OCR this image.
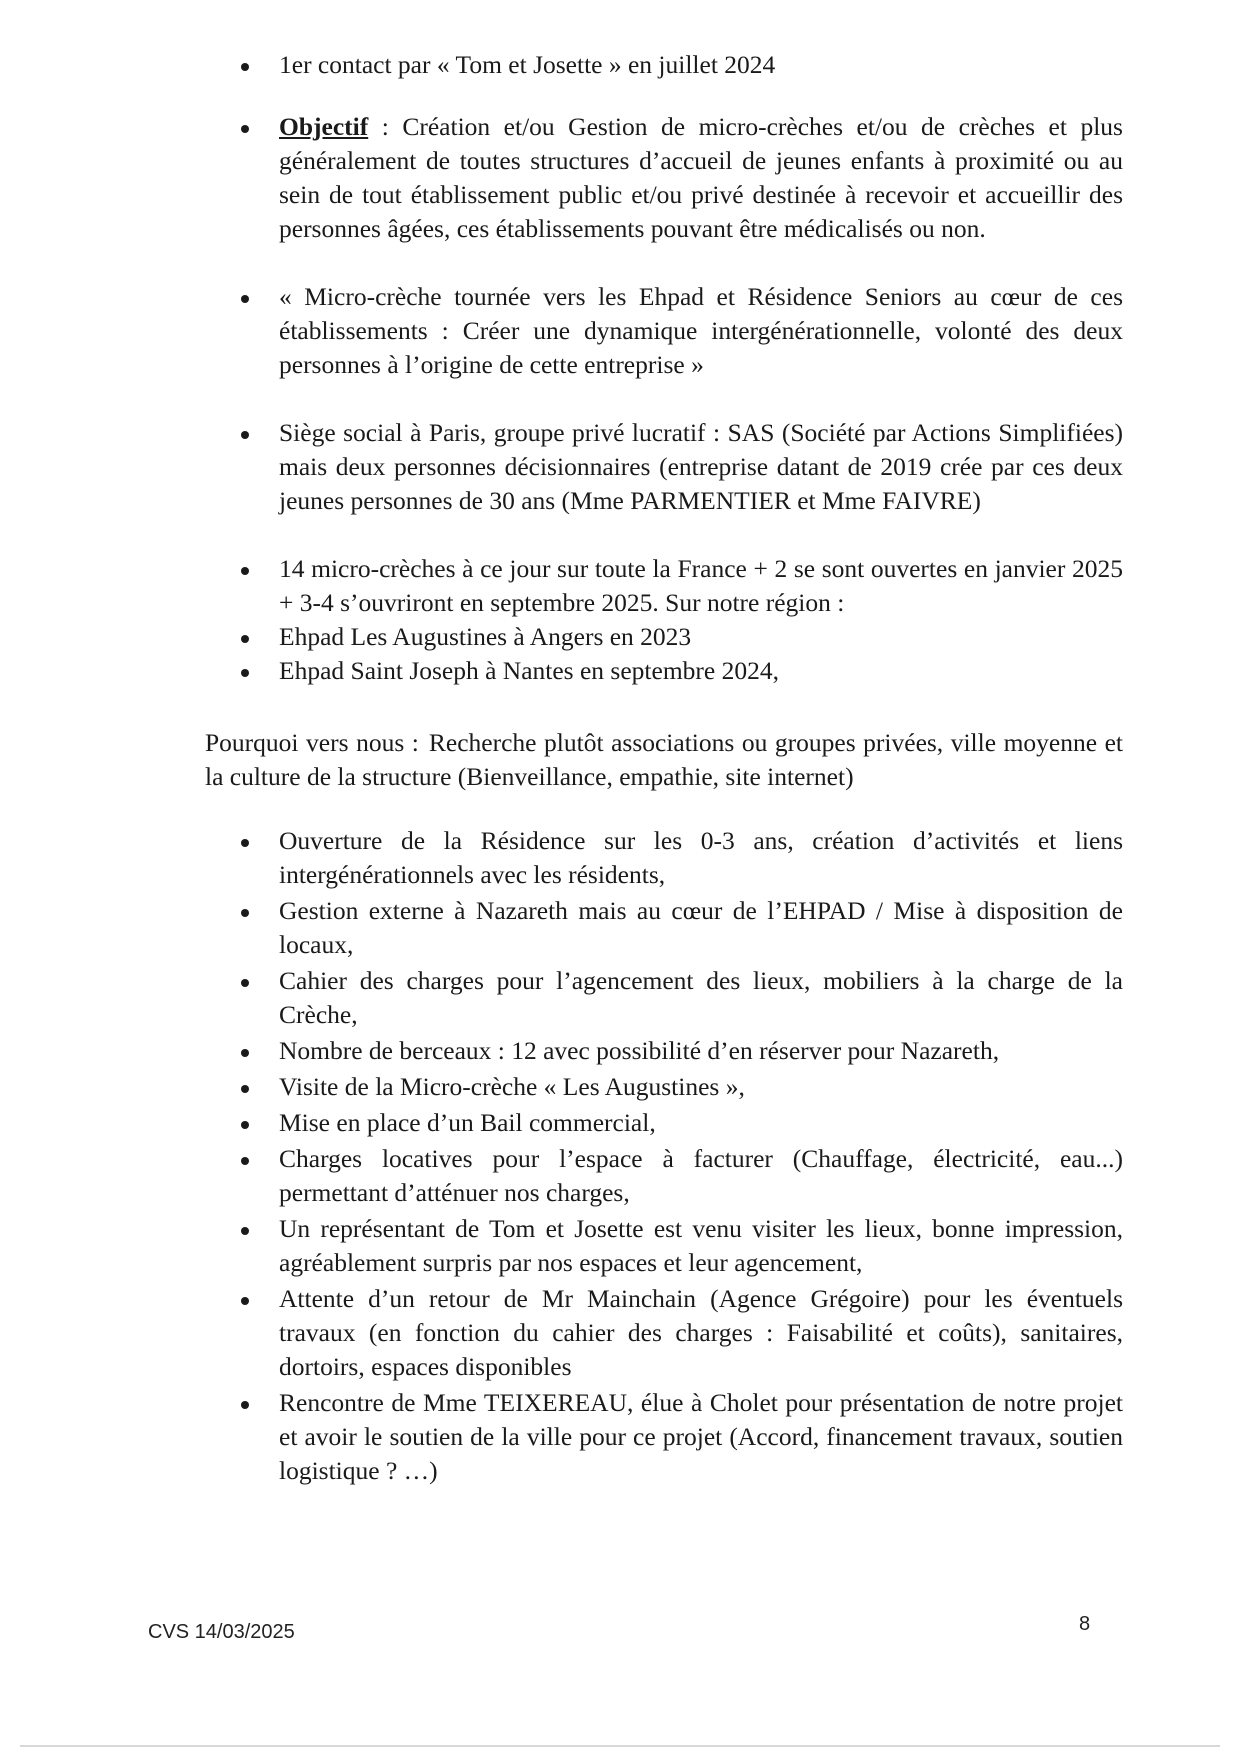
1er contact par « Tom et Josette » en juillet 2024
Objectif : Création et/ou Gestion de micro-crèches et/ou de crèches et plus généralement de toutes structures d’accueil de jeunes enfants à proximité ou au sein de tout établissement public et/ou privé destinée à recevoir et accueillir des personnes âgées, ces établissements pouvant être médicalisés ou non.
« Micro-crèche tournée vers les Ehpad et Résidence Seniors au cœur de ces établissements : Créer une dynamique intergénérationnelle, volonté des deux personnes à l’origine de cette entreprise »
Siège social à Paris, groupe privé lucratif : SAS (Société par Actions Simplifiées) mais deux personnes décisionnaires (entreprise datant de 2019 crée par ces deux jeunes personnes de 30 ans (Mme PARMENTIER et Mme FAIVRE)
14 micro-crèches à ce jour sur toute la France + 2 se sont ouvertes en janvier 2025 + 3-4 s’ouvriront en septembre 2025. Sur notre région :
Ehpad Les Augustines à Angers en 2023
Ehpad Saint Joseph à Nantes en septembre 2024,
Pourquoi vers nous : Recherche plutôt associations ou groupes privées, ville moyenne et la culture de la structure (Bienveillance, empathie, site internet)
Ouverture de la Résidence sur les 0-3 ans, création d’activités et liens intergénérationnels avec les résidents,
Gestion externe à Nazareth mais au cœur de l’EHPAD / Mise à disposition de locaux,
Cahier des charges pour l’agencement des lieux, mobiliers à la charge de la Crèche,
Nombre de berceaux : 12 avec possibilité d’en réserver pour Nazareth,
Visite de la Micro-crèche « Les Augustines »,
Mise en place d’un Bail commercial,
Charges locatives pour l’espace à facturer (Chauffage, électricité, eau...) permettant d’atténuer nos charges,
Un représentant de Tom et Josette est venu visiter les lieux, bonne impression, agréablement surpris par nos espaces et leur agencement,
Attente d’un retour de Mr Mainchain (Agence Grégoire) pour les éventuels travaux (en fonction du cahier des charges : Faisabilité et coûts), sanitaires, dortoirs, espaces disponibles
Rencontre de Mme TEIXEREAU, élue à Cholet pour présentation de notre projet et avoir le soutien de la ville pour ce projet (Accord, financement travaux, soutien logistique ? …)
CVS 14/03/2025	8
